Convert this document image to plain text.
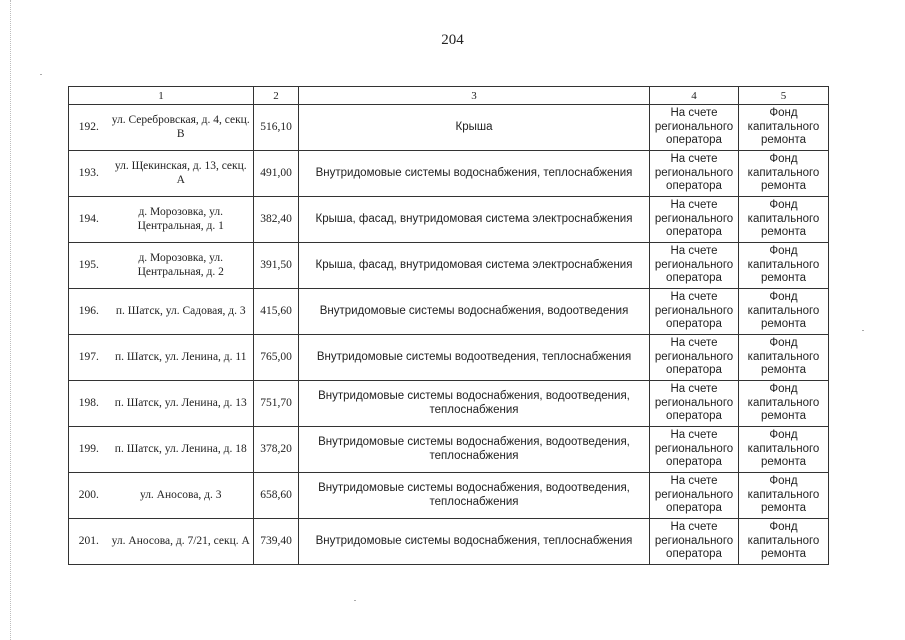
204
1		2	3	4	5
192.	ул. Серебровская, д. 4, секц. В	516,10	Крыша	На счете регионального оператора	Фонд капитального ремонта
193.	ул. Щекинская, д. 13, секц. А	491,00	Внутридомовые системы водоснабжения, теплоснабжения	На счете регионального оператора	Фонд капитального ремонта
194.	д. Морозовка, ул. Центральная, д. 1	382,40	Крыша, фасад, внутридомовая система электроснабжения	На счете регионального оператора	Фонд капитального ремонта
195.	д. Морозовка, ул. Центральная, д. 2	391,50	Крыша, фасад, внутридомовая система электроснабжения	На счете регионального оператора	Фонд капитального ремонта
196.	п. Шатск, ул. Садовая, д. 3	415,60	Внутридомовые системы водоснабжения, водоотведения	На счете регионального оператора	Фонд капитального ремонта
197.	п. Шатск, ул. Ленина, д. 11	765,00	Внутридомовые системы водоотведения, теплоснабжения	На счете регионального оператора	Фонд капитального ремонта
198.	п. Шатск, ул. Ленина, д. 13	751,70	Внутридомовые системы водоснабжения, водоотведения, теплоснабжения	На счете регионального оператора	Фонд капитального ремонта
199.	п. Шатск, ул. Ленина, д. 18	378,20	Внутридомовые системы водоснабжения, водоотведения, теплоснабжения	На счете регионального оператора	Фонд капитального ремонта
200.	ул. Аносова, д. 3	658,60	Внутридомовые системы водоснабжения, водоотведения, теплоснабжения	На счете регионального оператора	Фонд капитального ремонта
201.	ул. Аносова, д. 7/21, секц. А	739,40	Внутридомовые системы водоснабжения, теплоснабжения	На счете регионального оператора	Фонд капитального ремонта
